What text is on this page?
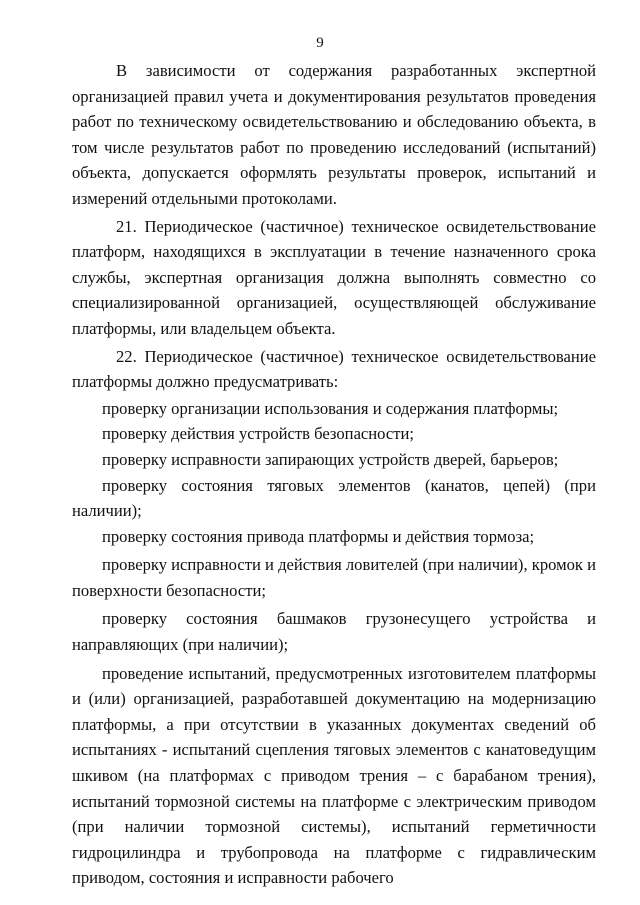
9

В зависимости от содержания разработанных экспертной организацией правил учета и документирования результатов проведения работ по техническому освидетельствованию и обследованию объекта, в том числе результатов работ по проведению исследований (испытаний) объекта, допускается оформлять результаты проверок, испытаний и измерений отдельными протоколами.

21. Периодическое (частичное) техническое освидетельствование платформ, находящихся в эксплуатации в течение назначенного срока службы, экспертная организация должна выполнять совместно со специализированной организацией, осуществляющей обслуживание платформы, или владельцем объекта.

22. Периодическое (частичное) техническое освидетельствование платформы должно предусматривать:

проверку организации использования и содержания платформы;

проверку действия устройств безопасности;

проверку исправности запирающих устройств дверей, барьеров;

проверку состояния тяговых элементов (канатов, цепей) (при наличии);

проверку состояния привода платформы и действия тормоза;

проверку исправности и действия ловителей (при наличии), кромок и поверхности безопасности;

проверку состояния башмаков грузонесущего устройства и направляющих (при наличии);

проведение испытаний, предусмотренных изготовителем платформы и (или) организацией, разработавшей документацию на модернизацию платформы, а при отсутствии в указанных документах сведений об испытаниях - испытаний сцепления тяговых элементов с канатоведущим шкивом (на платформах с приводом трения – с барабаном трения), испытаний тормозной системы на платформе с электрическим приводом (при наличии тормозной системы), испытаний герметичности гидроцилиндра и трубопровода на платформе с гидравлическим приводом, состояния и исправности рабочего
